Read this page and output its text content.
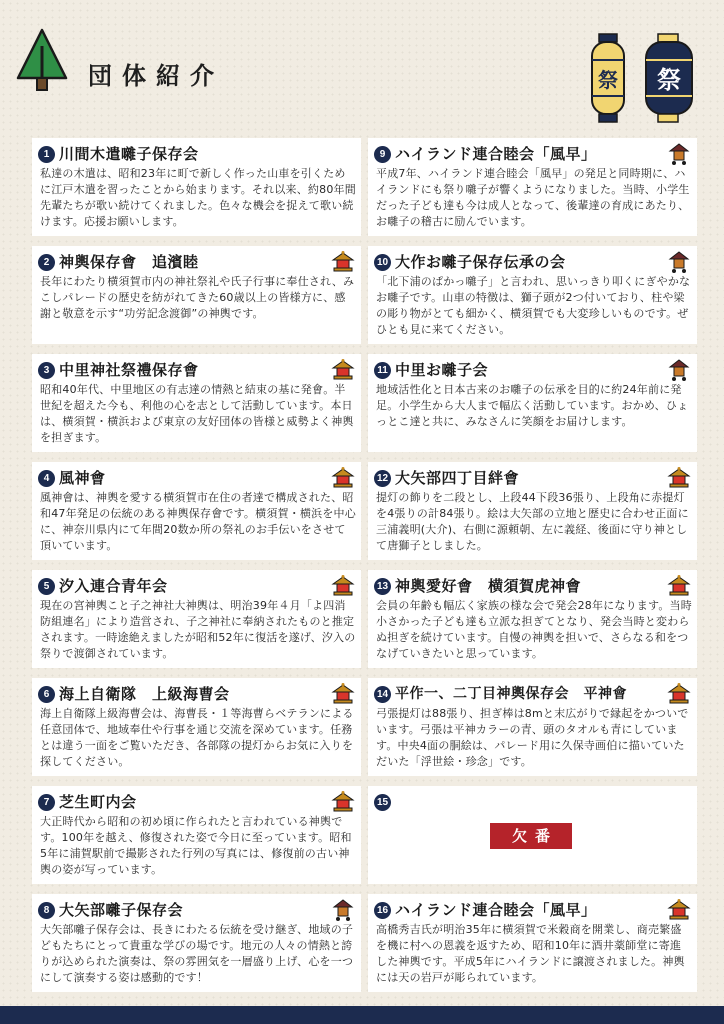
団体紹介	祭 祭
1 川間木遣囃子保存会
私達の木遣は、昭和23年に町で新しく作った山車を引くために江戸木遣を習ったことから始まります。それ以来、約80年間先輩たちが歌い続けてくれました。色々な機会を捉えて歌い続けます。応援お願いします。
2 神輿保存會　追濱睦
長年にわたり横須賀市内の神社祭礼や氏子行事に奉仕され、みこしパレードの歴史を紡がれてきた60歳以上の皆様方に、感謝と敬意を示す“功労記念渡御”の神輿です。
3 中里神社祭禮保存會
昭和40年代、中里地区の有志達の情熱と結束の基に発會。半世紀を超えた今も、利他の心を志として活動しています。本日は、横須賀・横浜および東京の友好団体の皆様と威勢よく神輿を担ぎます。
4 風神會
風神會は、神輿を愛する横須賀市在住の者達で構成された、昭和47年発足の伝統のある神輿保存會です。横須賀・横浜を中心に、神奈川県内にて年間20数か所の祭礼のお手伝いをさせて頂いています。
5 汐入連合青年会
現在の宮神輿こと子之神社大神輿は、明治39年４月「よ四消防組連名」により造営され、子之神社に奉納されたものと推定されます。一時途絶えましたが昭和52年に復活を遂げ、汐入の祭りで渡御されています。
6 海上自衛隊　上級海曹会
海上自衛隊上級海曹会は、海曹長・１等海曹らベテランによる任意団体で、地域奉仕や行事を通じ交流を深めています。任務とは違う一面をご覧いただき、各部隊の提灯からお気に入りを探してください。
7 芝生町内会
大正時代から昭和の初め頃に作られたと言われている神輿です。100年を越え、修復された姿で今日に至っています。昭和5年に浦賀駅前で撮影された行列の写真には、修復前の古い神輿の姿が写っています。
8 大矢部囃子保存会
大矢部囃子保存会は、長きにわたる伝統を受け継ぎ、地域の子どもたちにとって貴重な学びの場です。地元の人々の情熱と誇りが込められた演奏は、祭の雰囲気を一層盛り上げ、心を一つにして演奏する姿は感動的です！
9 ハイランド連合睦会「風早」
平成7年、ハイランド連合睦会「風早」の発足と同時期に、ハイランドにも祭り囃子が響くようになりました。当時、小学生だった子ども達も今は成人となって、後輩達の育成にあたり、お囃子の稽古に励んでいます。
10 大作お囃子保存伝承の会
「北下浦のぱかっ囃子」と言われ、思いっきり叩くにぎやかなお囃子です。山車の特徴は、獅子頭が2つ付いており、柱や梁の彫り物がとても細かく、横須賀でも大変珍しいものです。ぜひとも見に来てください。
11 中里お囃子会
地域活性化と日本古来のお囃子の伝承を目的に約24年前に発足。小学生から大人まで幅広く活動しています。おかめ、ひょっとこ達と共に、みなさんに笑顔をお届けします。
12 大矢部四丁目絆會
提灯の飾りを二段とし、上段44下段36張り、上段角に赤提灯を4張りの計84張り。絵は大矢部の立地と歴史に合わせ正面に三浦義明(大介)、右側に源頼朝、左に義経、後面に守り神として唐獅子としました。
13 神輿愛好會　横須賀虎神會
会員の年齢も幅広く家族の様な会で発会28年になります。当時小さかった子ども達も立派な担ぎてとなり、発会当時と変わらぬ担ぎを続けています。自慢の神輿を担いで、さらなる和をつなげていきたいと思っています。
14 平作一、二丁目神輿保存会　平神會
弓張提灯は88張り、担ぎ棒は8mと末広がりで縁起をかついでいます。弓張は平神カラーの青、頭のタオルも青にしています。中央4面の胴絵は、パレード用に久保寺画伯に描いていただいた「浮世絵・珍念」です。
15
欠番
16 ハイランド連合睦会「風早」
高橋秀吉氏が明治35年に横須賀で米穀商を開業し、商売繁盛を機に村への恩義を返すため、昭和10年に酒井薬師堂に寄進した神輿です。平成5年にハイランドに譲渡されました。神輿には天の岩戸が彫られています。
